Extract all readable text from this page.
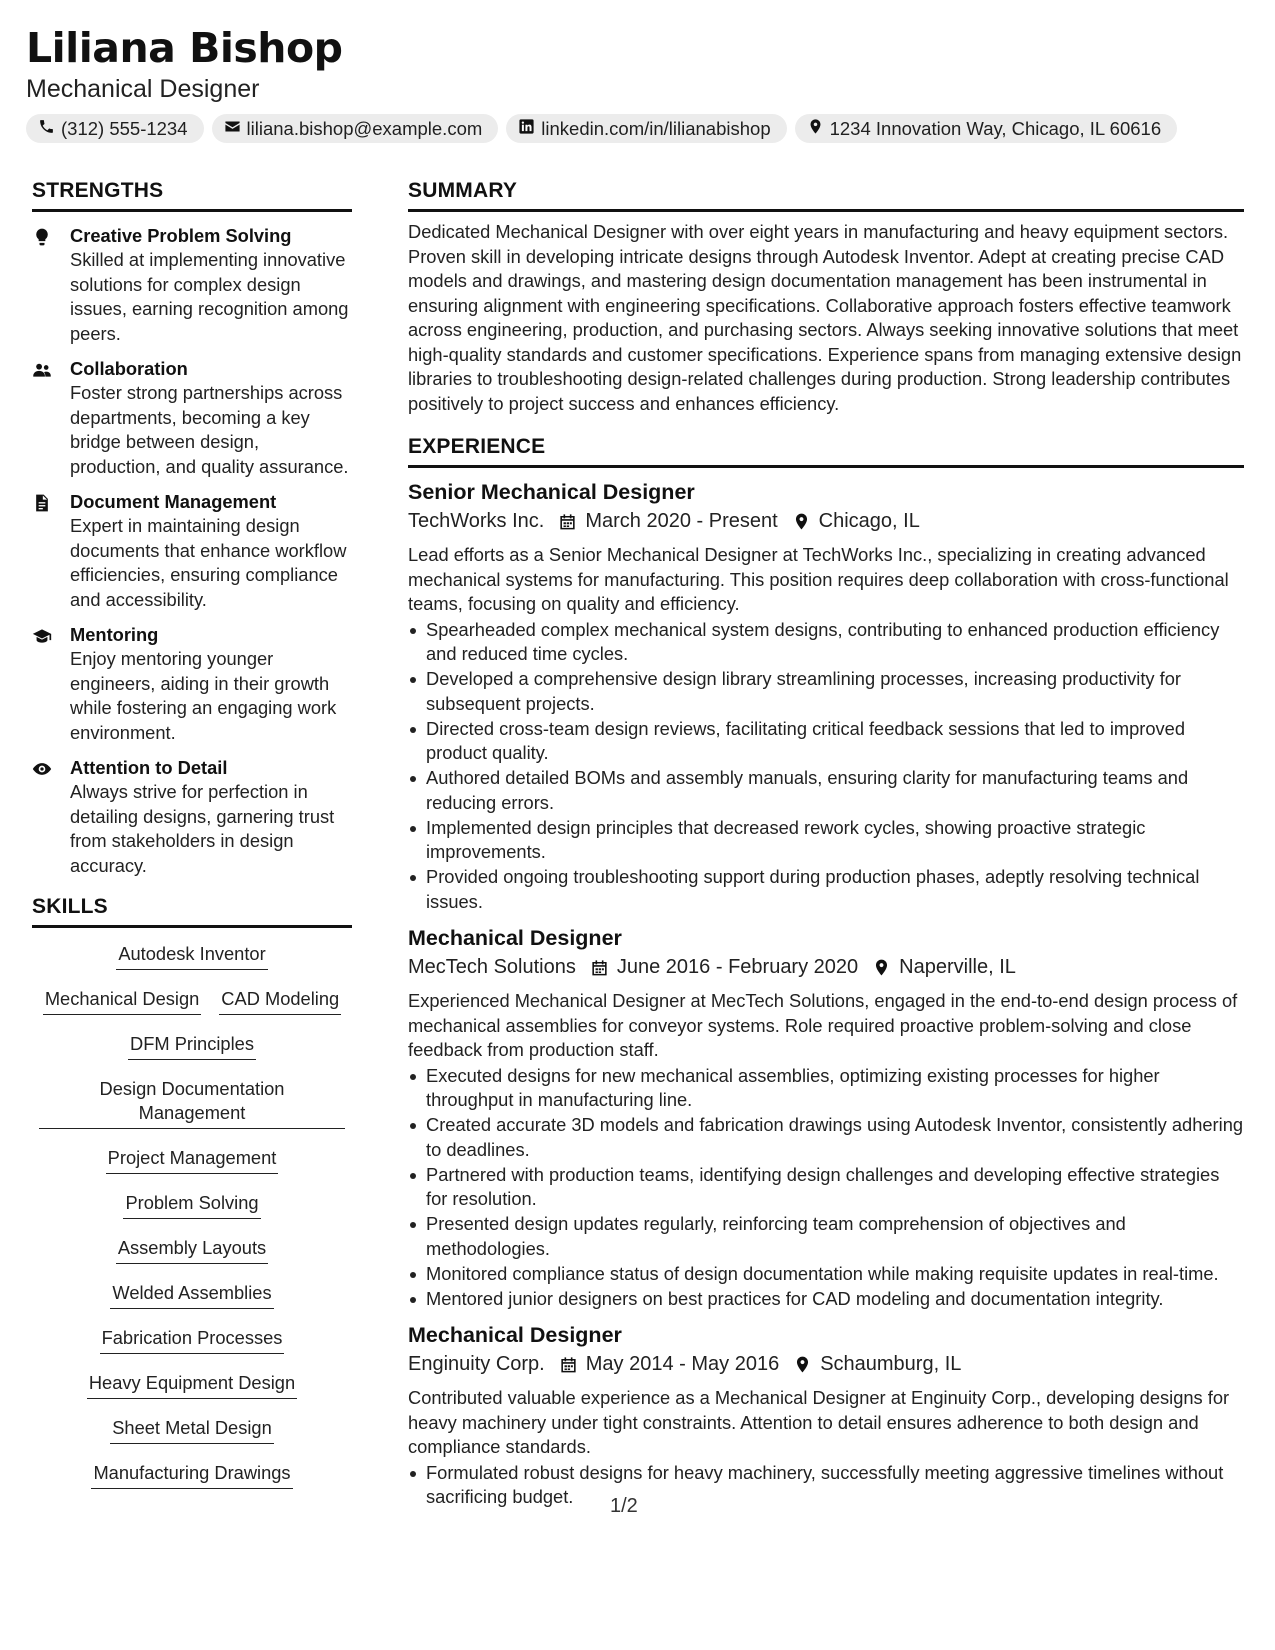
Liliana Bishop
Mechanical Designer
(312) 555-1234	liliana.bishop@example.com	linkedin.com/in/lilianabishop	1234 Innovation Way, Chicago, IL 60616
STRENGTHS
Creative Problem Solving
Skilled at implementing innovative solutions for complex design issues, earning recognition among peers.
Collaboration
Foster strong partnerships across departments, becoming a key bridge between design, production, and quality assurance.
Document Management
Expert in maintaining design documents that enhance workflow efficiencies, ensuring compliance and accessibility.
Mentoring
Enjoy mentoring younger engineers, aiding in their growth while fostering an engaging work environment.
Attention to Detail
Always strive for perfection in detailing designs, garnering trust from stakeholders in design accuracy.
SKILLS
Autodesk Inventor
Mechanical Design CAD Modeling
DFM Principles
Design Documentation Management
Project Management
Problem Solving
Assembly Layouts
Welded Assemblies
Fabrication Processes
Heavy Equipment Design
Sheet Metal Design
Manufacturing Drawings
SUMMARY
Dedicated Mechanical Designer with over eight years in manufacturing and heavy equipment sectors. Proven skill in developing intricate designs through Autodesk Inventor. Adept at creating precise CAD models and drawings, and mastering design documentation management has been instrumental in ensuring alignment with engineering specifications. Collaborative approach fosters effective teamwork across engineering, production, and purchasing sectors. Always seeking innovative solutions that meet high-quality standards and customer specifications. Experience spans from managing extensive design libraries to troubleshooting design-related challenges during production. Strong leadership contributes positively to project success and enhances efficiency.
EXPERIENCE
Senior Mechanical Designer
TechWorks Inc. March 2020 - Present Chicago, IL
Lead efforts as a Senior Mechanical Designer at TechWorks Inc., specializing in creating advanced mechanical systems for manufacturing. This position requires deep collaboration with cross-functional teams, focusing on quality and efficiency.
Spearheaded complex mechanical system designs, contributing to enhanced production efficiency and reduced time cycles.
Developed a comprehensive design library streamlining processes, increasing productivity for subsequent projects.
Directed cross-team design reviews, facilitating critical feedback sessions that led to improved product quality.
Authored detailed BOMs and assembly manuals, ensuring clarity for manufacturing teams and reducing errors.
Implemented design principles that decreased rework cycles, showing proactive strategic improvements.
Provided ongoing troubleshooting support during production phases, adeptly resolving technical issues.
Mechanical Designer
MecTech Solutions June 2016 - February 2020 Naperville, IL
Experienced Mechanical Designer at MecTech Solutions, engaged in the end-to-end design process of mechanical assemblies for conveyor systems. Role required proactive problem-solving and close feedback from production staff.
Executed designs for new mechanical assemblies, optimizing existing processes for higher throughput in manufacturing line.
Created accurate 3D models and fabrication drawings using Autodesk Inventor, consistently adhering to deadlines.
Partnered with production teams, identifying design challenges and developing effective strategies for resolution.
Presented design updates regularly, reinforcing team comprehension of objectives and methodologies.
Monitored compliance status of design documentation while making requisite updates in real-time.
Mentored junior designers on best practices for CAD modeling and documentation integrity.
Mechanical Designer
Enginuity Corp. May 2014 - May 2016 Schaumburg, IL
Contributed valuable experience as a Mechanical Designer at Enginuity Corp., developing designs for heavy machinery under tight constraints. Attention to detail ensures adherence to both design and compliance standards.
Formulated robust designs for heavy machinery, successfully meeting aggressive timelines without sacrificing budget.	1/2
